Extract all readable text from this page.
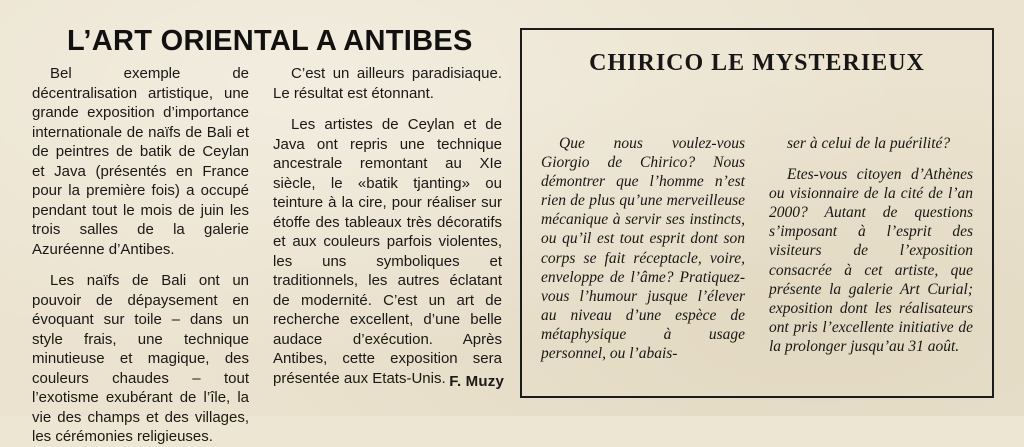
L’ART ORIENTAL A ANTIBES

Bel exemple de décentralisation artistique, une grande exposition d’importance internationale de naïfs de Bali et de peintres de batik de Ceylan et Java (présentés en France pour la première fois) a occupé pendant tout le mois de juin les trois salles de la galerie Azuréenne d’Antibes.

Les naïfs de Bali ont un pouvoir de dépaysement en évoquant sur toile – dans un style frais, une technique minutieuse et magique, des couleurs chaudes – tout l’exotisme exubérant de l’île, la vie des champs et des villages, les cérémonies religieuses.

C’est un ailleurs paradisiaque. Le résultat est étonnant.

Les artistes de Ceylan et de Java ont repris une technique ancestrale remontant au XIe siècle, le «batik tjanting» ou teinture à la cire, pour réaliser sur étoffe des tableaux très décoratifs et aux couleurs parfois violentes, les uns symboliques et traditionnels, les autres éclatant de modernité. C’est un art de recherche excellent, d’une belle audace d’exécution. Après Antibes, cette exposition sera présentée aux Etats-Unis. F. Muzy
CHIRICO LE MYSTERIEUX

Que nous voulez-vous Giorgio de Chirico? Nous démontrer que l’homme n’est rien de plus qu’une merveilleuse mécanique à servir ses instincts, ou qu’il est tout esprit dont son corps se fait réceptacle, voire, enveloppe de l’âme? Pratiquez-vous l’humour jusque l’élever au niveau d’une espèce de métaphysique à usage personnel, ou l’abais-

ser à celui de la puérilité?

Etes-vous citoyen d’Athènes ou visionnaire de la cité de l’an 2000? Autant de questions s’imposant à l’esprit des visiteurs de l’exposition consacrée à cet artiste, que présente la galerie Art Curial; exposition dont les réalisateurs ont pris l’excellente initiative de la prolonger jusqu’au 31 août.
